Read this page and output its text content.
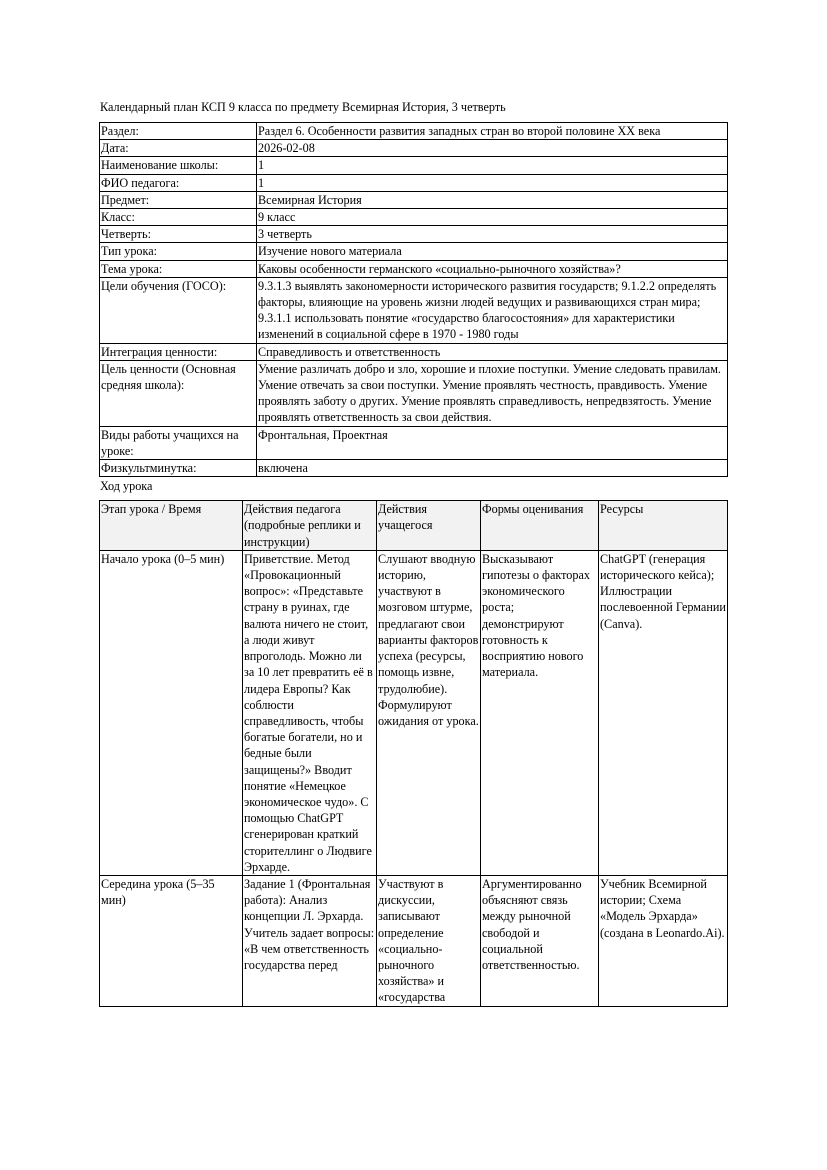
Календарный план КСП 9 класса по предмету Всемирная История, 3 четверть
Раздел:	Раздел 6. Особенности развития западных стран во второй половине XX века
Дата:	2026-02-08
Наименование школы:	1
ФИО педагога:	1
Предмет:	Всемирная История
Класс:	9 класс
Четверть:	3 четверть
Тип урока:	Изучение нового материала
Тема урока:	Каковы особенности германского «социально-рыночного хозяйства»?
Цели обучения (ГОСО):	9.3.1.3 выявлять закономерности исторического развития государств; 9.1.2.2 определять факторы, влияющие на уровень жизни людей ведущих и развивающихся стран мира; 9.3.1.1 использовать понятие «государство благосостояния» для характеристики изменений в социальной сфере в 1970 - 1980 годы
Интеграция ценности:	Справедливость и ответственность
Цель ценности (Основная средняя школа):	Умение различать добро и зло, хорошие и плохие поступки. Умение следовать правилам. Умение отвечать за свои поступки. Умение проявлять честность, правдивость. Умение проявлять заботу о других. Умение проявлять справедливость, непредвзятость. Умение проявлять ответственность за свои действия.
Виды работы учащихся на уроке:	Фронтальная, Проектная
Физкультминутка:	включена
Ход урока
Этап урока / Время	Действия педагога (подробные реплики и инструкции)	Действия учащегося	Формы оценивания	Ресурсы
Начало урока (0–5 мин)	Приветствие. Метод «Провокационный вопрос»: «Представьте страну в руинах, где валюта ничего не стоит, а люди живут впроголодь. Можно ли за 10 лет превратить её в лидера Европы? Как соблюсти справедливость, чтобы богатые богатели, но и бедные были защищены?» Вводит понятие «Немецкое экономическое чудо». С помощью ChatGPT сгенерирован краткий сторителлинг о Людвиге Эрхарде.	Слушают вводную историю, участвуют в мозговом штурме, предлагают свои варианты факторов успеха (ресурсы, помощь извне, трудолюбие). Формулируют ожидания от урока.	Высказывают гипотезы о факторах экономического роста; демонстрируют готовность к восприятию нового материала.	ChatGPT (генерация исторического кейса); Иллюстрации послевоенной Германии (Canva).
Середина урока (5–35 мин)	Задание 1 (Фронтальная работа): Анализ концепции Л. Эрхарда. Учитель задает вопросы: «В чем ответственность государства перед	Участвуют в дискуссии, записывают определение «социально-рыночного хозяйства» и «государства	Аргументированно объясняют связь между рыночной свободой и социальной ответственностью.	Учебник Всемирной истории; Схема «Модель Эрхарда» (создана в Leonardo.Ai).
